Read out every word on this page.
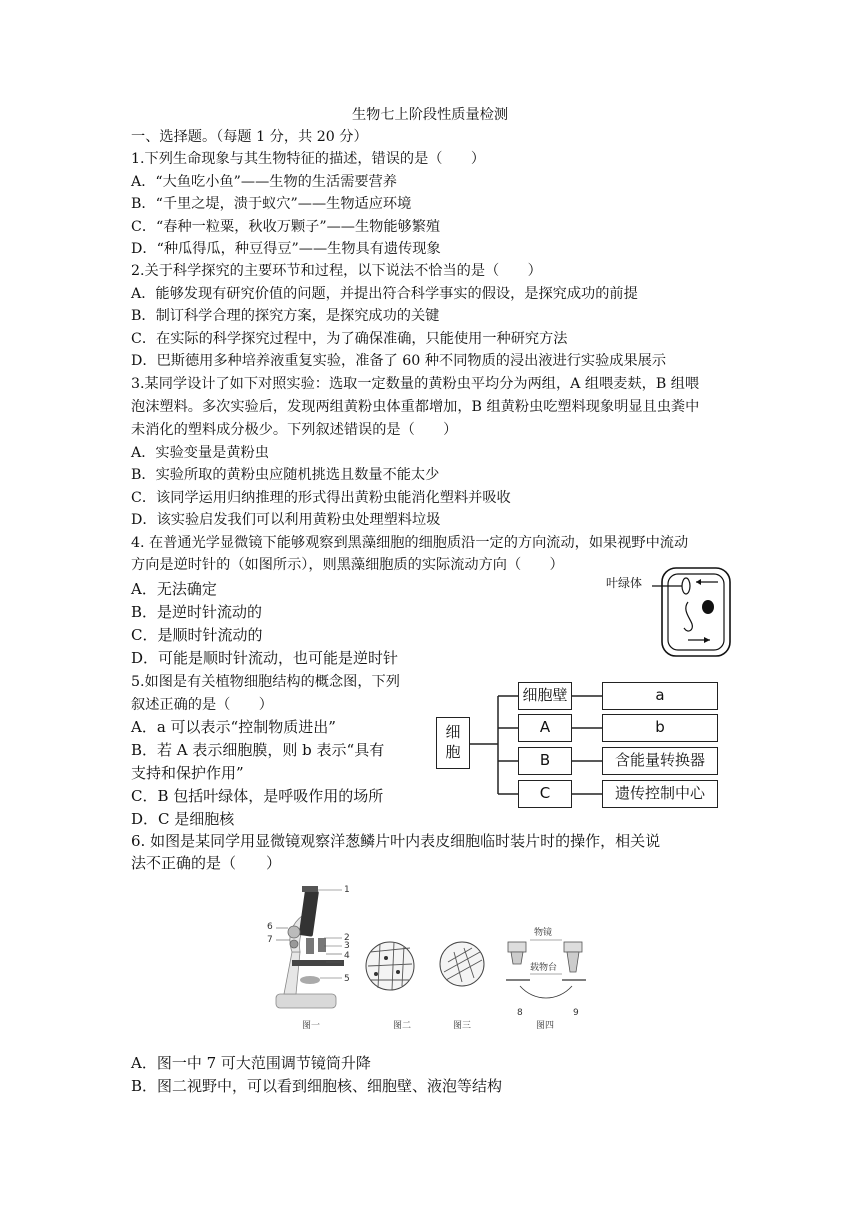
生物七上阶段性质量检测
一、选择题。（每题 1 分，共 20 分）
1.下列生命现象与其生物特征的描述，错误的是（　　）
A．“大鱼吃小鱼”——生物的生活需要营养
B．“千里之堤，溃于蚁穴”——生物适应环境
C．“春种一粒粟，秋收万颗子”——生物能够繁殖
D．“种瓜得瓜，种豆得豆”——生物具有遗传现象
2.关于科学探究的主要环节和过程，以下说法不恰当的是（　　）
A．能够发现有研究价值的问题，并提出符合科学事实的假设，是探究成功的前提
B．制订科学合理的探究方案，是探究成功的关键
C．在实际的科学探究过程中，为了确保准确，只能使用一种研究方法
D．巴斯德用多种培养液重复实验，准备了 60 种不同物质的浸出液进行实验成果展示
3.某同学设计了如下对照实验：选取一定数量的黄粉虫平均分为两组，A 组喂麦麸，B 组喂
泡沫塑料。多次实验后，发现两组黄粉虫体重都增加，B 组黄粉虫吃塑料现象明显且虫粪中
未消化的塑料成分极少。下列叙述错误的是（　　）
A．实验变量是黄粉虫
B．实验所取的黄粉虫应随机挑选且数量不能太少
C．该同学运用归纳推理的形式得出黄粉虫能消化塑料并吸收
D．该实验启发我们可以利用黄粉虫处理塑料垃圾
4. 在普通光学显微镜下能够观察到黑藻细胞的细胞质沿一定的方向流动，如果视野中流动
方向是逆时针的（如图所示），则黑藻细胞质的实际流动方向（　　）
A．无法确定
B．是逆时针流动的
C．是顺时针流动的
D．可能是顺时针流动，也可能是逆时针
叶绿体
5.如图是有关植物细胞结构的概念图，下列
叙述正确的是（　　）
A．a 可以表示“控制物质进出”
B．若 A 表示细胞膜，则 b 表示“具有
支持和保护作用”
C．B 包括叶绿体，是呼吸作用的场所
D．C 是细胞核
细
胞
细胞壁
A
B
C
a
b
含能量转换器
遗传控制中心
6. 如图是某同学用显微镜观察洋葱鳞片叶内表皮细胞临时装片时的操作，相关说
法不正确的是（　　）
1
2
3
4
5
6
7
8	9
物镜
载物台
图一	图二	图三	图四
A．图一中 7 可大范围调节镜筒升降
B．图二视野中，可以看到细胞核、细胞壁、液泡等结构
